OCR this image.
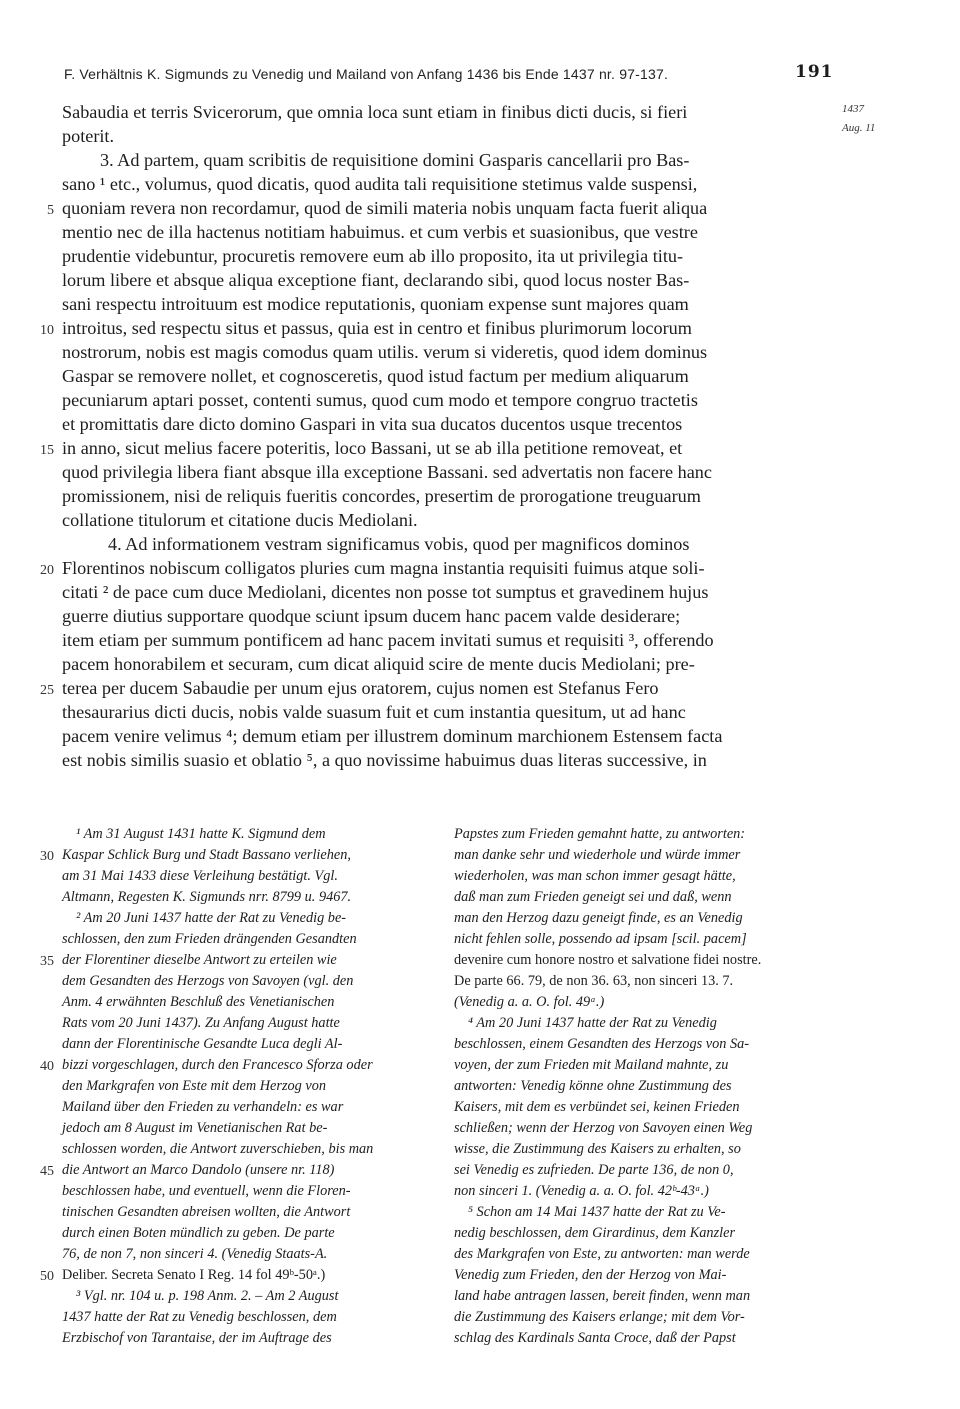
F. Verhältnis K. Sigmunds zu Venedig und Mailand von Anfang 1436 bis Ende 1437 nr. 97-137.	191
1437
Aug. 11
Sabaudia et terris Svicerorum, que omnia loca sunt etiam in finibus dicti ducis, si fieri
poterit.
3. Ad partem, quam scribitis de requisitione domini Gasparis cancellarii pro Bas-
sano ¹ etc., volumus, quod dicatis, quod audita tali requisitione stetimus valde suspensi,
quoniam revera non recordamur, quod de simili materia nobis unquam facta fuerit aliqua
mentio nec de illa hactenus notitiam habuimus. et cum verbis et suasionibus, que vestre
prudentie videbuntur, procuretis removere eum ab illo proposito, ita ut privilegia titu-
lorum libere et absque aliqua exceptione fiant, declarando sibi, quod locus noster Bas-
sani respectu introituum est modice reputationis, quoniam expense sunt majores quam
introitus, sed respectu situs et passus, quia est in centro et finibus plurimorum locorum
nostrorum, nobis est magis comodus quam utilis. verum si videretis, quod idem dominus
Gaspar se removere nollet, et cognosceretis, quod istud factum per medium aliquarum
pecuniarum aptari posset, contenti sumus, quod cum modo et tempore congruo tractetis
et promittatis dare dicto domino Gaspari in vita sua ducatos ducentos usque trecentos
in anno, sicut melius facere poteritis, loco Bassani, ut se ab illa petitione removeat, et
quod privilegia libera fiant absque illa exceptione Bassani. sed advertatis non facere hanc
promissionem, nisi de reliquis fueritis concordes, presertim de prorogatione treuguarum
collatione titulorum et citatione ducis Mediolani.
4. Ad informationem vestram significamus vobis, quod per magnificos dominos
Florentinos nobiscum colligatos pluries cum magna instantia requisiti fuimus atque soli-
citati ² de pace cum duce Mediolani, dicentes non posse tot sumptus et gravedinem hujus
guerre diutius supportare quodque sciunt ipsum ducem hanc pacem valde desiderare;
item etiam per summum pontificem ad hanc pacem invitati sumus et requisiti ³, offerendo
pacem honorabilem et securam, cum dicat aliquid scire de mente ducis Mediolani; pre-
terea per ducem Sabaudie per unum ejus oratorem, cujus nomen est Stefanus Fero
thesaurarius dicti ducis, nobis valde suasum fuit et cum instantia quesitum, ut ad hanc
pacem venire velimus ⁴; demum etiam per illustrem dominum marchionem Estensem facta
est nobis similis suasio et oblatio ⁵, a quo novissime habuimus duas literas successive, in
5
10
15
20
25
¹ Am 31 August 1431 hatte K. Sigmund dem
Kaspar Schlick Burg und Stadt Bassano verliehen,
am 31 Mai 1433 diese Verleihung bestätigt. Vgl.
Altmann, Regesten K. Sigmunds nrr. 8799 u. 9467.
² Am 20 Juni 1437 hatte der Rat zu Venedig be-
schlossen, den zum Frieden drängenden Gesandten
der Florentiner dieselbe Antwort zu erteilen wie
dem Gesandten des Herzogs von Savoyen (vgl. den
Anm. 4 erwähnten Beschluß des Venetianischen
Rats vom 20 Juni 1437). Zu Anfang August hatte
dann der Florentinische Gesandte Luca degli Al-
bizzi vorgeschlagen, durch den Francesco Sforza oder
den Markgrafen von Este mit dem Herzog von
Mailand über den Frieden zu verhandeln: es war
jedoch am 8 August im Venetianischen Rat be-
schlossen worden, die Antwort zuverschieben, bis man
die Antwort an Marco Dandolo (unsere nr. 118)
beschlossen habe, und eventuell, wenn die Floren-
tinischen Gesandten abreisen wollten, die Antwort
durch einen Boten mündlich zu geben. De parte
76, de non 7, non sinceri 4. (Venedig Staats-A.
Deliber. Secreta Senato I Reg. 14 fol 49ᵇ-50ᵃ.)
³ Vgl. nr. 104 u. p. 198 Anm. 2. – Am 2 August
1437 hatte der Rat zu Venedig beschlossen, dem
Erzbischof von Tarantaise, der im Auftrage des
30
35
40
45
50
Papstes zum Frieden gemahnt hatte, zu antworten:
man danke sehr und wiederhole und würde immer
wiederholen, was man schon immer gesagt hätte,
daß man zum Frieden geneigt sei und daß, wenn
man den Herzog dazu geneigt finde, es an Venedig
nicht fehlen solle, possendo ad ipsam [scil. pacem]
devenire cum honore nostro et salvatione fidei nostre.
De parte 66. 79, de non 36. 63, non sinceri 13. 7.
(Venedig a. a. O. fol. 49ᵃ.)
⁴ Am 20 Juni 1437 hatte der Rat zu Venedig
beschlossen, einem Gesandten des Herzogs von Sa-
voyen, der zum Frieden mit Mailand mahnte, zu
antworten: Venedig könne ohne Zustimmung des
Kaisers, mit dem es verbündet sei, keinen Frieden
schließen; wenn der Herzog von Savoyen einen Weg
wisse, die Zustimmung des Kaisers zu erhalten, so
sei Venedig es zufrieden. De parte 136, de non 0,
non sinceri 1. (Venedig a. a. O. fol. 42ᵇ-43ᵃ.)
⁵ Schon am 14 Mai 1437 hatte der Rat zu Ve-
nedig beschlossen, dem Girardinus, dem Kanzler
des Markgrafen von Este, zu antworten: man werde
Venedig zum Frieden, den der Herzog von Mai-
land habe antragen lassen, bereit finden, wenn man
die Zustimmung des Kaisers erlange; mit dem Vor-
schlag des Kardinals Santa Croce, daß der Papst
